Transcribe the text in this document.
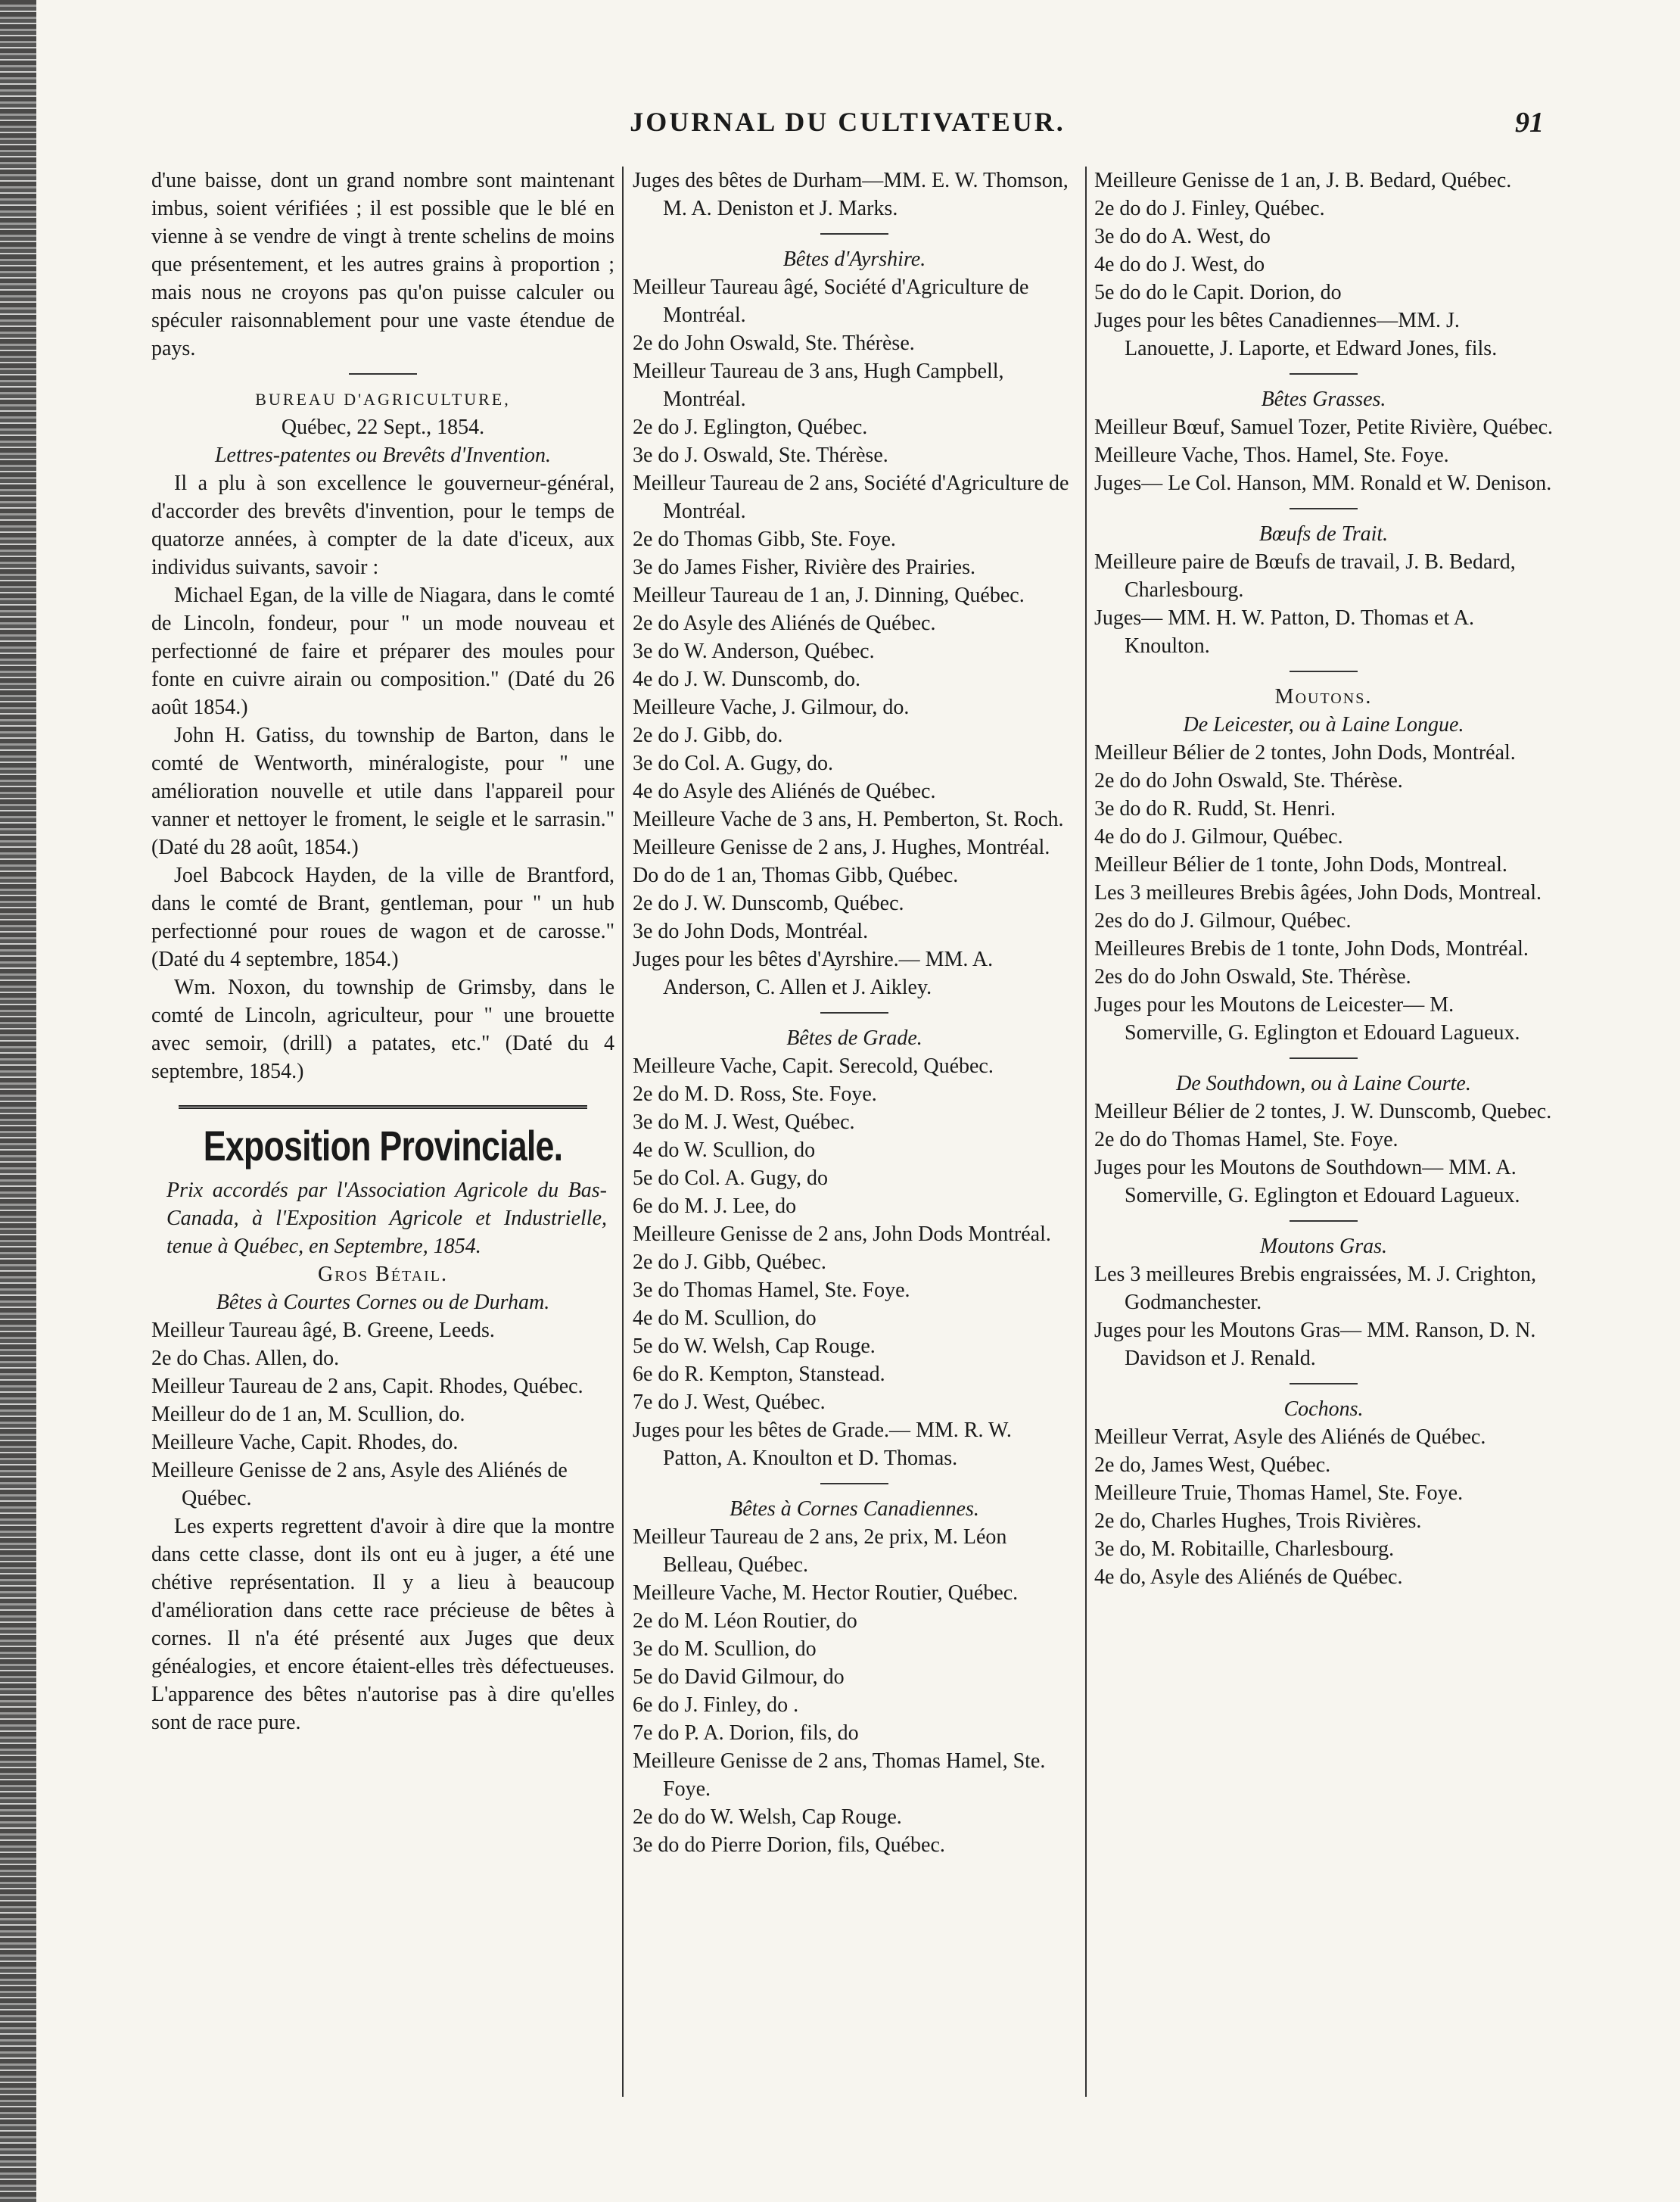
JOURNAL DU CULTIVATEUR.	91

d'une baisse, dont un grand nombre sont maintenant imbus, soient vérifiées ; il est possible que le blé en vienne à se vendre de vingt à trente schelins de moins que présentement, et les autres grains à proportion ; mais nous ne croyons pas qu'on puisse calculer ou spéculer raisonnablement pour une vaste étendue de pays.

BUREAU D'AGRICULTURE,

Québec, 22 Sept., 1854.

Lettres-patentes ou Brevêts d'Invention.

Il a plu à son excellence le gouverneur-général, d'accorder des brevêts d'invention, pour le temps de quatorze années, à compter de la date d'iceux, aux individus suivants, savoir :

Michael Egan, de la ville de Niagara, dans le comté de Lincoln, fondeur, pour " un mode nouveau et perfectionné de faire et préparer des moules pour fonte en cuivre airain ou composition." (Daté du 26 août 1854.)

John H. Gatiss, du township de Barton, dans le comté de Wentworth, minéralogiste, pour " une amélioration nouvelle et utile dans l'appareil pour vanner et nettoyer le froment, le seigle et le sarrasin." (Daté du 28 août, 1854.)

Joel Babcock Hayden, de la ville de Brantford, dans le comté de Brant, gentleman, pour " un hub perfectionné pour roues de wagon et de carosse." (Daté du 4 septembre, 1854.)

Wm. Noxon, du township de Grimsby, dans le comté de Lincoln, agriculteur, pour " une brouette avec semoir, (drill) a patates, etc." (Daté du 4 septembre, 1854.)

Exposition Provinciale.

Prix accordés par l'Association Agricole du Bas-Canada, à l'Exposition Agricole et Industrielle, tenue à Québec, en Septembre, 1854.

Gros Bétail.

Bêtes à Courtes Cornes ou de Durham.

Meilleur Taureau âgé, B. Greene, Leeds.

2e do Chas. Allen, do.

Meilleur Taureau de 2 ans, Capit. Rhodes, Québec.

Meilleur do de 1 an, M. Scullion, do.

Meilleure Vache, Capit. Rhodes, do.

Meilleure Genisse de 2 ans, Asyle des Aliénés de Québec.

Les experts regrettent d'avoir à dire que la montre dans cette classe, dont ils ont eu à juger, a été une chétive représentation. Il y a lieu à beaucoup d'amélioration dans cette race précieuse de bêtes à cornes. Il n'a été présenté aux Juges que deux généalogies, et encore étaient-elles très défectueuses. L'apparence des bêtes n'autorise pas à dire qu'elles sont de race pure.

Juges des bêtes de Durham—MM. E. W. Thomson, M. A. Deniston et J. Marks.

Bêtes d'Ayrshire.

Meilleur Taureau âgé, Société d'Agriculture de Montréal.

2e do John Oswald, Ste. Thérèse.

Meilleur Taureau de 3 ans, Hugh Campbell, Montréal.

2e do J. Eglington, Québec.

3e do J. Oswald, Ste. Thérèse.

Meilleur Taureau de 2 ans, Société d'Agriculture de Montréal.

2e do Thomas Gibb, Ste. Foye.

3e do James Fisher, Rivière des Prairies.

Meilleur Taureau de 1 an, J. Dinning, Québec.

2e do Asyle des Aliénés de Québec.

3e do W. Anderson, Québec.

4e do J. W. Dunscomb, do.

Meilleure Vache, J. Gilmour, do.

2e do J. Gibb, do.

3e do Col. A. Gugy, do.

4e do Asyle des Aliénés de Québec.

Meilleure Vache de 3 ans, H. Pemberton, St. Roch.

Meilleure Genisse de 2 ans, J. Hughes, Montréal.

Do do de 1 an, Thomas Gibb, Québec.

2e do J. W. Dunscomb, Québec.

3e do John Dods, Montréal.

Juges pour les bêtes d'Ayrshire.— MM. A. Anderson, C. Allen et J. Aikley.

Bêtes de Grade.

Meilleure Vache, Capit. Serecold, Québec.

2e do M. D. Ross, Ste. Foye.

3e do M. J. West, Québec.

4e do W. Scullion, do

5e do Col. A. Gugy, do

6e do M. J. Lee, do

Meilleure Genisse de 2 ans, John Dods Montréal.

2e do J. Gibb, Québec.

3e do Thomas Hamel, Ste. Foye.

4e do M. Scullion, do

5e do W. Welsh, Cap Rouge.

6e do R. Kempton, Stanstead.

7e do J. West, Québec.

Juges pour les bêtes de Grade.— MM. R. W. Patton, A. Knoulton et D. Thomas.

Bêtes à Cornes Canadiennes.

Meilleur Taureau de 2 ans, 2e prix, M. Léon Belleau, Québec.

Meilleure Vache, M. Hector Routier, Québec.

2e do M. Léon Routier, do

3e do M. Scullion, do

5e do David Gilmour, do

6e do J. Finley, do .

7e do P. A. Dorion, fils, do

Meilleure Genisse de 2 ans, Thomas Hamel, Ste. Foye.

2e do do W. Welsh, Cap Rouge.

3e do do Pierre Dorion, fils, Québec.

Meilleure Genisse de 1 an, J. B. Bedard, Québec.

2e do do J. Finley, Québec.

3e do do A. West, do

4e do do J. West, do

5e do do le Capit. Dorion, do

Juges pour les bêtes Canadiennes—MM. J. Lanouette, J. Laporte, et Edward Jones, fils.

Bêtes Grasses.

Meilleur Bœuf, Samuel Tozer, Petite Rivière, Québec.

Meilleure Vache, Thos. Hamel, Ste. Foye.

Juges— Le Col. Hanson, MM. Ronald et W. Denison.

Bœufs de Trait.

Meilleure paire de Bœufs de travail, J. B. Bedard, Charlesbourg.

Juges— MM. H. W. Patton, D. Thomas et A. Knoulton.

Moutons.

De Leicester, ou à Laine Longue.

Meilleur Bélier de 2 tontes, John Dods, Montréal.

2e do do John Oswald, Ste. Thérèse.

3e do do R. Rudd, St. Henri.

4e do do J. Gilmour, Québec.

Meilleur Bélier de 1 tonte, John Dods, Montreal.

Les 3 meilleures Brebis âgées, John Dods, Montreal.

2es do do J. Gilmour, Québec.

Meilleures Brebis de 1 tonte, John Dods, Montréal.

2es do do John Oswald, Ste. Thérèse.

Juges pour les Moutons de Leicester— M. Somerville, G. Eglington et Edouard Lagueux.

De Southdown, ou à Laine Courte.

Meilleur Bélier de 2 tontes, J. W. Dunscomb, Quebec.

2e do do Thomas Hamel, Ste. Foye.

Juges pour les Moutons de Southdown— MM. A. Somerville, G. Eglington et Edouard Lagueux.

Moutons Gras.

Les 3 meilleures Brebis engraissées, M. J. Crighton, Godmanchester.

Juges pour les Moutons Gras— MM. Ranson, D. N. Davidson et J. Renald.

Cochons.

Meilleur Verrat, Asyle des Aliénés de Québec.

2e do, James West, Québec.

Meilleure Truie, Thomas Hamel, Ste. Foye.

2e do, Charles Hughes, Trois Rivières.

3e do, M. Robitaille, Charlesbourg.

4e do, Asyle des Aliénés de Québec.
